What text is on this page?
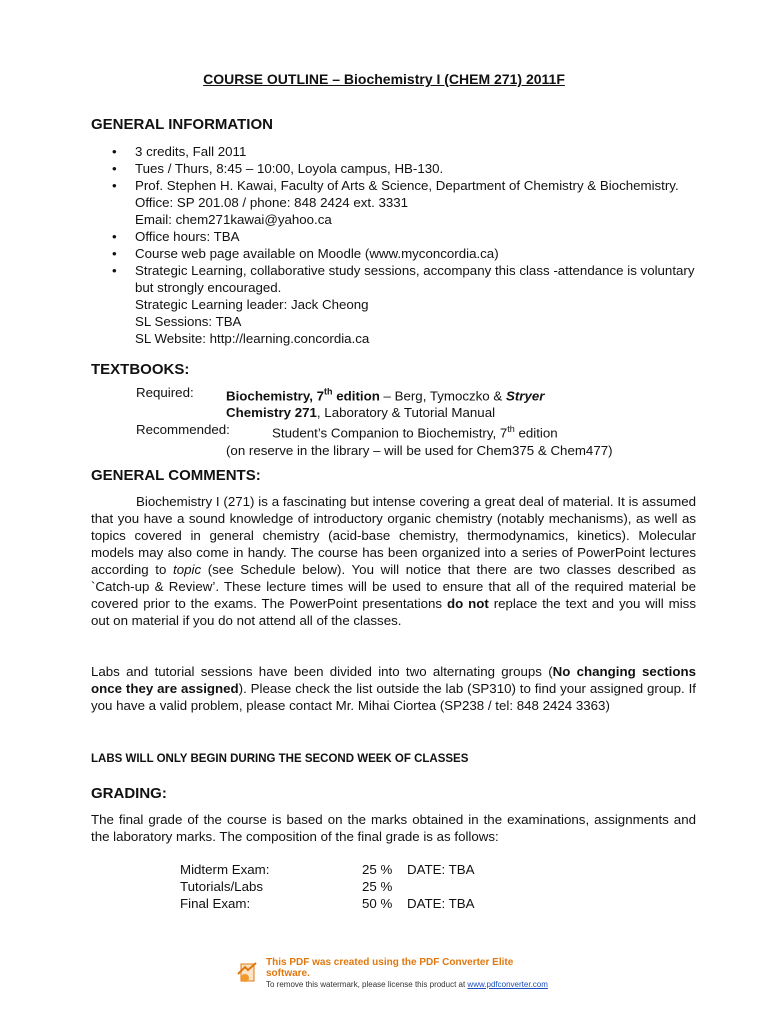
COURSE OUTLINE – Biochemistry I (CHEM 271) 2011F
GENERAL INFORMATION
• 3 credits, Fall 2011
• Tues / Thurs, 8:45 – 10:00, Loyola campus, HB-130.
• Prof. Stephen H. Kawai, Faculty of Arts & Science, Department of Chemistry & Biochemistry. Office: SP 201.08 / phone: 848 2424 ext. 3331
Email: chem271kawai@yahoo.ca
• Office hours: TBA
• Course web page available on Moodle (www.myconcordia.ca)
• Strategic Learning, collaborative study sessions, accompany this class -attendance is voluntary but strongly encouraged.
Strategic Learning leader: Jack Cheong
SL Sessions: TBA
SL Website: http://learning.concordia.ca
TEXTBOOKS:
Required:	Biochemistry, 7th edition – Berg, Tymoczko & Stryer
Chemistry 271, Laboratory & Tutorial Manual
Recommended:	Student’s Companion to Biochemistry, 7th edition
(on reserve in the library – will be used for Chem375 & Chem477)
GENERAL COMMENTS:

Biochemistry I (271) is a fascinating but intense covering a great deal of material. It is assumed that you have a sound knowledge of introductory organic chemistry (notably mechanisms), as well as topics covered in general chemistry (acid-base chemistry, thermodynamics, kinetics). Molecular models may also come in handy. The course has been organized into a series of PowerPoint lectures according to topic (see Schedule below). You will notice that there are two classes described as `Catch-up & Review’. These lecture times will be used to ensure that all of the required material be covered prior to the exams. The PowerPoint presentations do not replace the text and you will miss out on material if you do not attend all of the classes.

Labs and tutorial sessions have been divided into two alternating groups (No changing sections once they are assigned). Please check the list outside the lab (SP310) to find your assigned group. If you have a valid problem, please contact Mr. Mihai Ciortea (SP238 / tel: 848 2424 3363)

LABS WILL ONLY BEGIN DURING THE SECOND WEEK OF CLASSES

GRADING:

The final grade of the course is based on the marks obtained in the examinations, assignments and the laboratory marks. The composition of the final grade is as follows:

Midterm Exam:	25 %	DATE: TBA
Tutorials/Labs	25 %
Final Exam:	50 %	DATE: TBA
This PDF was created using the PDF Converter Elite software.
To remove this watermark, please license this product at www.pdfconverter.com
